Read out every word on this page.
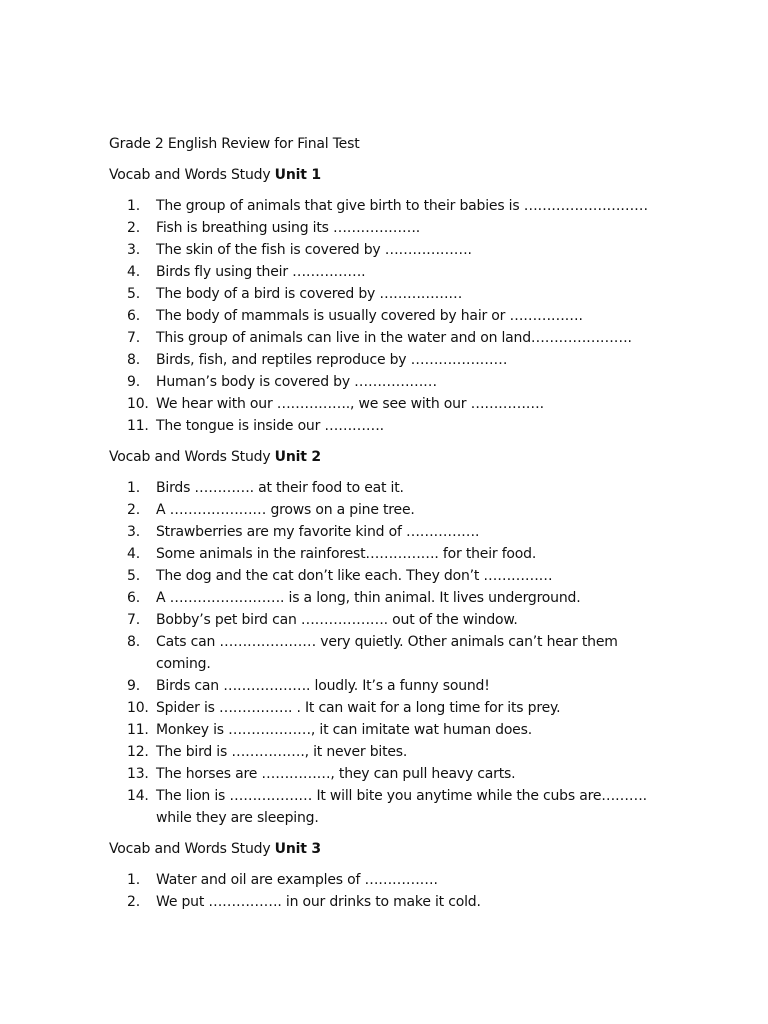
Grade 2 English Review for Final Test
Vocab and Words Study Unit 1
1.	The group of animals that give birth to their babies is ………………………
2.	Fish is breathing using its ……………….
3.	The skin of the fish is covered by ……………….
4.	Birds fly using their …………….
5.	The body of a bird is covered by ………………
6.	The body of mammals is usually covered by hair or …………….
7.	This group of animals can live in the water and on land………………….
8.	Birds, fish, and reptiles reproduce by …………………
9.	Human’s body is covered by ………………
10. We hear with our ……………., we see with our …………….
11. The tongue is inside our ………….
Vocab and Words Study Unit 2
1.	Birds …………. at their food to eat it.
2.	A ………………… grows on a pine tree.
3.	Strawberries are my favorite kind of …………….
4.	Some animals in the rainforest……………. for their food.
5.	The dog and the cat don’t like each. They don’t ……………
6.	A ……………………. is a long, thin animal. It lives underground.
7.	Bobby’s pet bird can ………………. out of the window.
8.	Cats can ………………… very quietly. Other animals can’t hear them coming.
9.	Birds can ………………. loudly. It’s a funny sound!
10. Spider is ……………. . It can wait for a long time for its prey.
11. Monkey is ………………, it can imitate wat human does.
12. The bird is ……………., it never bites.
13. The horses are ……………, they can pull heavy carts.
14. The lion is ……………… It will bite you anytime while the cubs are………. while they are sleeping.
Vocab and Words Study Unit 3
1.	Water and oil are examples of …………….
2.	We put ……………. in our drinks to make it cold.
